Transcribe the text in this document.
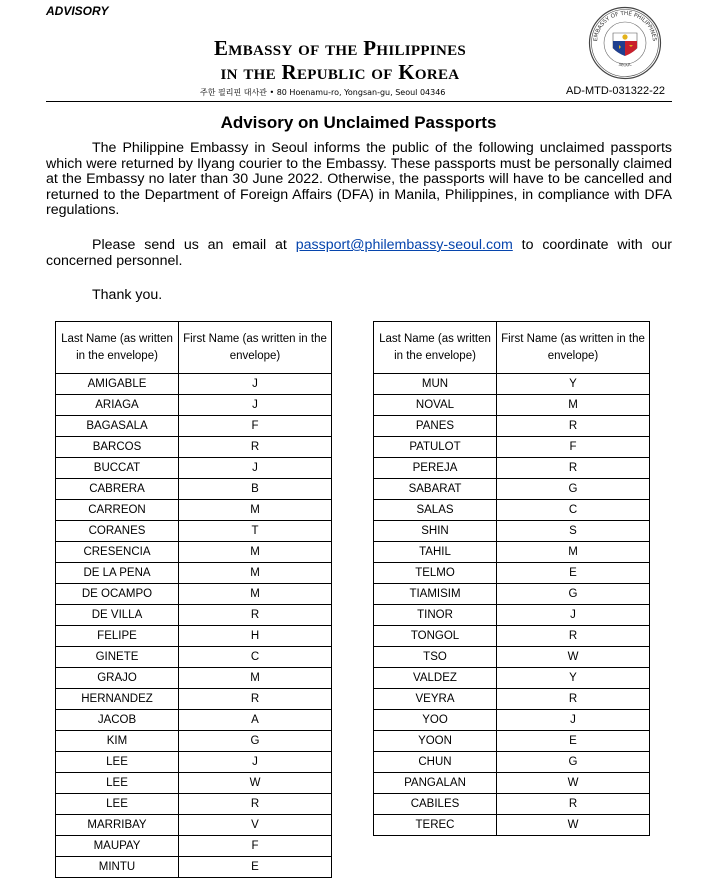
ADVISORY
Embassy of the Philippines
in the Republic of Korea
주한 필리핀 대사관 • 80 Hoenamu-ro, Yongsan-gu, Seoul 04346	AD-MTD-031322-22
EMBASSY OF THE PHILIPPINES
SEOUL
Advisory on Unclaimed Passports
The Philippine Embassy in Seoul informs the public of the following unclaimed passports which were returned by Ilyang courier to the Embassy. These passports must be personally claimed at the Embassy no later than 30 June 2022. Otherwise, the passports will have to be cancelled and returned to the Department of Foreign Affairs (DFA) in Manila, Philippines, in compliance with DFA regulations.
Please send us an email at passport@philembassy-seoul.com to coordinate with our concerned personnel.
Thank you.
Last Name (as written in the envelope)	First Name (as written in the envelope)
AMIGABLE	J
ARIAGA	J
BAGASALA	F
BARCOS	R
BUCCAT	J
CABRERA	B
CARREON	M
CORANES	T
CRESENCIA	M
DE LA PENA	M
DE OCAMPO	M
DE VILLA	R
FELIPE	H
GINETE	C
GRAJO	M
HERNANDEZ	R
JACOB	A
KIM	G
LEE	J
LEE	W
LEE	R
MARRIBAY	V
MAUPAY	F
MINTU	E
Last Name (as written in the envelope)	First Name (as written in the envelope)
MUN	Y
NOVAL	M
PANES	R
PATULOT	F
PEREJA	R
SABARAT	G
SALAS	C
SHIN	S
TAHIL	M
TELMO	E
TIAMISIM	G
TINOR	J
TONGOL	R
TSO	W
VALDEZ	Y
VEYRA	R
YOO	J
YOON	E
CHUN	G
PANGALAN	W
CABILES	R
TEREC	W
